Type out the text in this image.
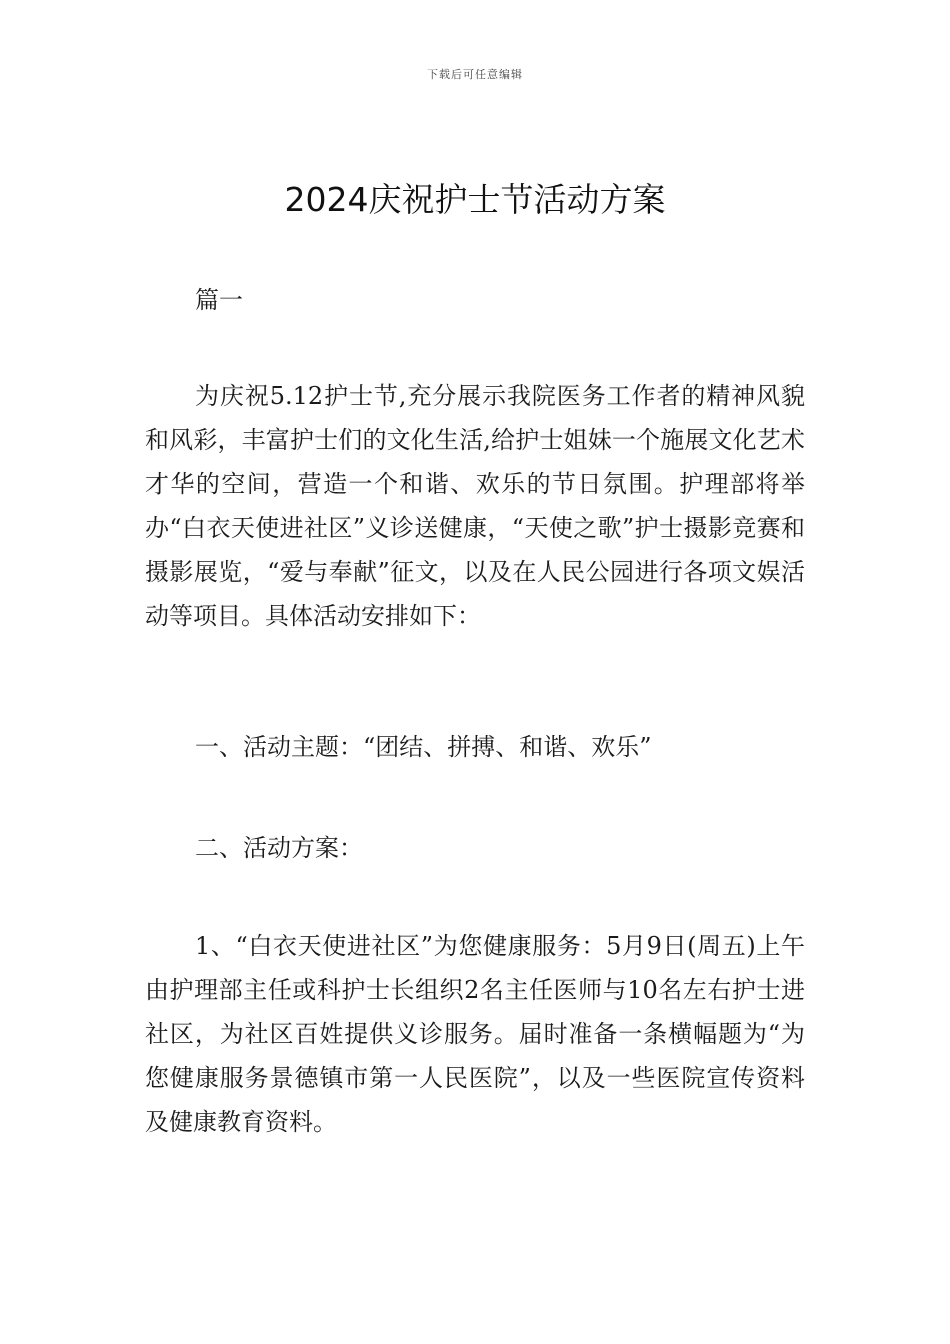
下载后可任意编辑
2024庆祝护士节活动方案

篇一

为庆祝5.12护士节,充分展示我院医务工作者的精神风貌和风彩，丰富护士们的文化生活,给护士姐妹一个施展文化艺术才华的空间，营造一个和谐、欢乐的节日氛围。护理部将举办“白衣天使进社区”义诊送健康，“天使之歌”护士摄影竞赛和摄影展览，“爱与奉献”征文，以及在人民公园进行各项文娱活动等项目。具体活动安排如下：

一、活动主题：“团结、拼搏、和谐、欢乐”

二、活动方案：

1、“白衣天使进社区”为您健康服务：5月9日(周五)上午由护理部主任或科护士长组织2名主任医师与10名左右护士进社区，为社区百姓提供义诊服务。届时准备一条横幅题为“为您健康服务景德镇市第一人民医院”，以及一些医院宣传资料及健康教育资料。
